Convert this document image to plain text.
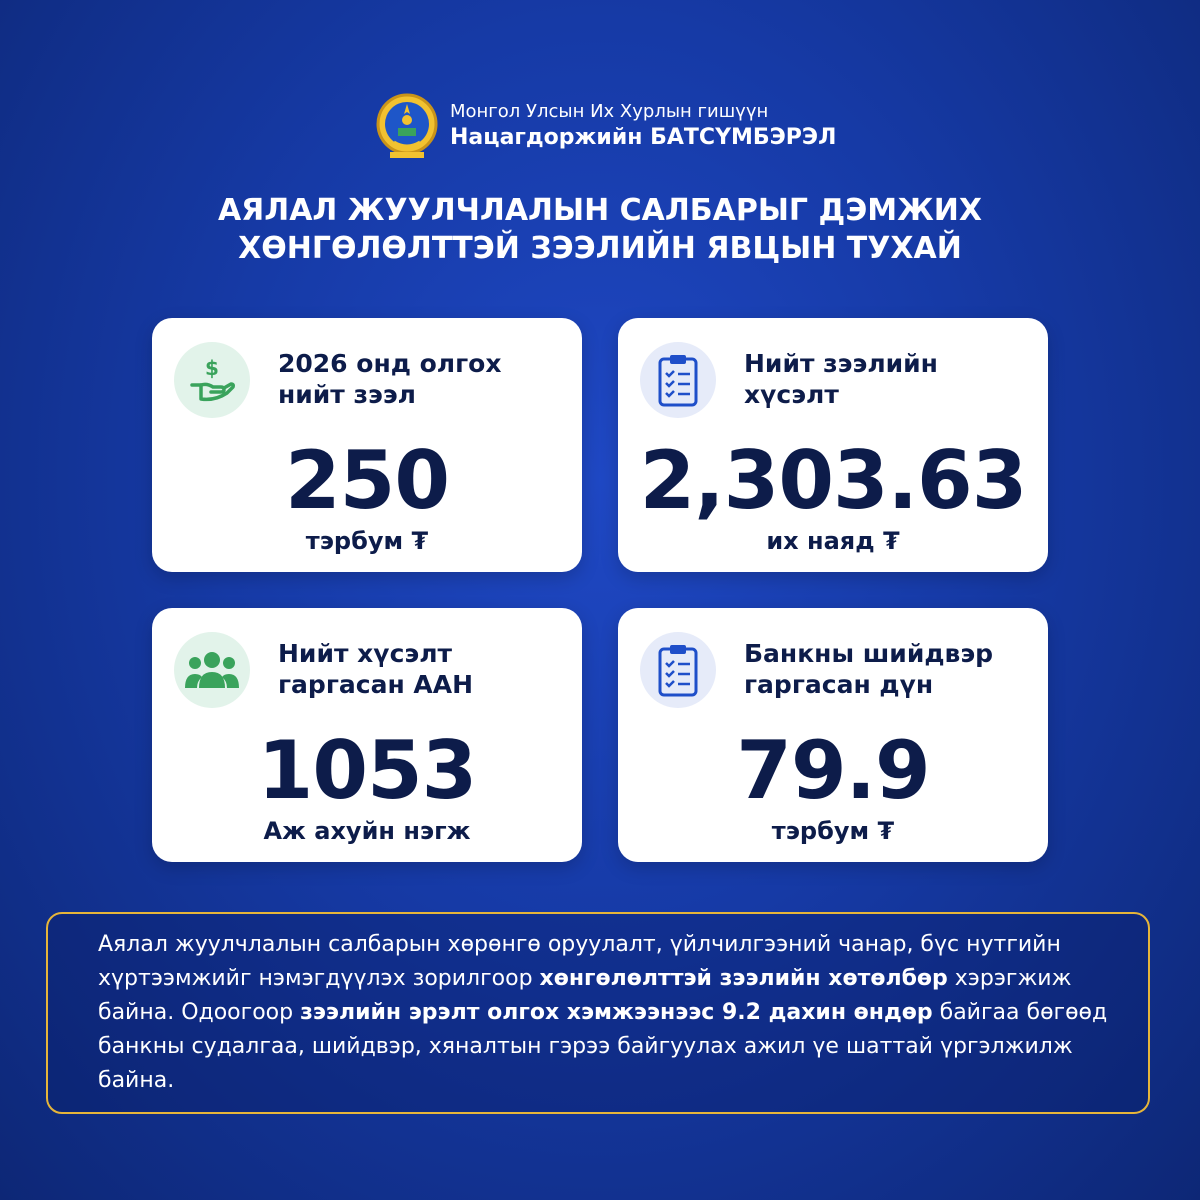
Монгол Улсын Их Хурлын гишүүн
Нацагдоржийн БАТСҮМБЭРЭЛ
АЯЛАЛ ЖУУЛЧЛАЛЫН САЛБАРЫГ ДЭМЖИХ
ХӨНГӨЛӨЛТТЭЙ ЗЭЭЛИЙН ЯВЦЫН ТУХАЙ
$ 2026 онд олгох
нийт зээл
250
тэрбум ₮
Нийт зээлийн
хүсэлт
2,303.63
их наяд ₮
Нийт хүсэлт
гаргасан ААН
1053
Аж ахуйн нэгж
Банкны шийдвэр
гаргасан дүн
79.9
тэрбум ₮
Аялал жуулчлалын салбарын хөрөнгө оруулалт, үйлчилгээний чанар, бүс нутгийн хүртээмжийг нэмэгдүүлэх зорилгоор хөнгөлөлттэй зээлийн хөтөлбөр хэрэгжиж байна. Одоогоор зээлийн эрэлт олгох хэмжээнээс 9.2 дахин өндөр байгаа бөгөөд банкны судалгаа, шийдвэр, хяналтын гэрээ байгуулах ажил үе шаттай үргэлжилж байна.
